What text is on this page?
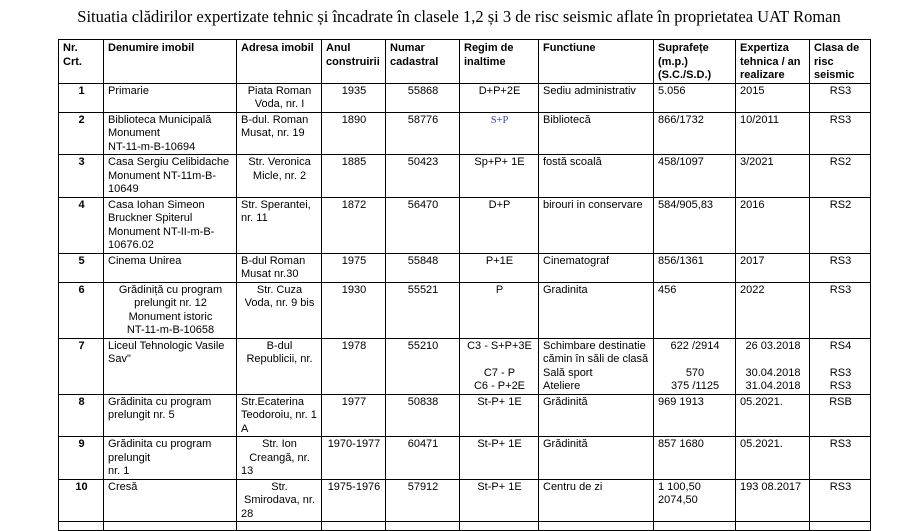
Situatia clădirilor expertizate tehnic și încadrate în clasele 1,2 și 3 de risc seismic aflate în proprietatea UAT Roman
Nr.
Crt.	Denumire imobil	Adresa imobil	Anul
construirii	Numar
cadastral	Regim de
inaltime	Functiune	Suprafețe
(m.p.)
(S.C./S.D.)	Expertiza
tehnica / an
realizare	Clasa de
risc
seismic

1	Primarie	Piata Roman
Voda, nr. I	1935	55868	D+P+2E	Sediu administrativ	5.056	2015	RS3

2	Biblioteca Municipală
Monument
NT-11-m-B-10694	B-dul. Roman
Musat, nr. 19	1890	58776	S+P	Bibliotecă	866/1732	10/2011	RS3

3	Casa Sergiu Celibidache
Monument NT-11m-B-
10649	Str. Veronica
Micle, nr. 2	1885	50423	Sp+P+ 1E	fostă scoală	458/1097	3/2021	RS2

4	Casa Iohan Simeon
Bruckner Spiterul
Monument NT-II-m-B-
10676.02	Str. Sperantei,
nr. 11	1872	56470	D+P	birouri in conservare	584/905,83	2016	RS2

5	Cinema Unirea	B-dul Roman
Musat nr.30	1975	55848	P+1E	Cinematograf	856/1361	2017	RS3

6	Grădiniță cu program
prelungit nr. 12
Monument istoric
NT-11-m-B-10658	Str. Cuza
Voda, nr. 9 bis	1930	55521	P	Gradinita	456	2022	RS3

7	Liceul Tehnologic Vasile
Sav"	B-dul
Republicii, nr.	1978	55210	C3 - S+P+3E
C7 - P
C6 - P+2E	Schimbare destinatie
cămin în săli de clasă
Sală sport
Ateliere	622 /2914
570
375 /1125	26 03.2018
30.04.2018
31.04.2018	RS4
RS3
RS3

8	Grădinita cu program
prelungit nr. 5	Str.Ecaterina
Teodoroiu, nr. 1
A	1977	50838	St-P+ 1E	Grădinită	969 1913	05.2021.	RSB

9	Grădinita cu program
prelungit
nr. 1	Str. Ion
Creangă, nr.
13	1970-1977	60471	St-P+ 1E	Grădinită	857 1680	05.2021.	RS3

10	Cresă	Str.
Smirodava, nr.
28	1975-1976	57912	St-P+ 1E	Centru de zi	1 100,50
2074,50	193 08.2017	RS3
